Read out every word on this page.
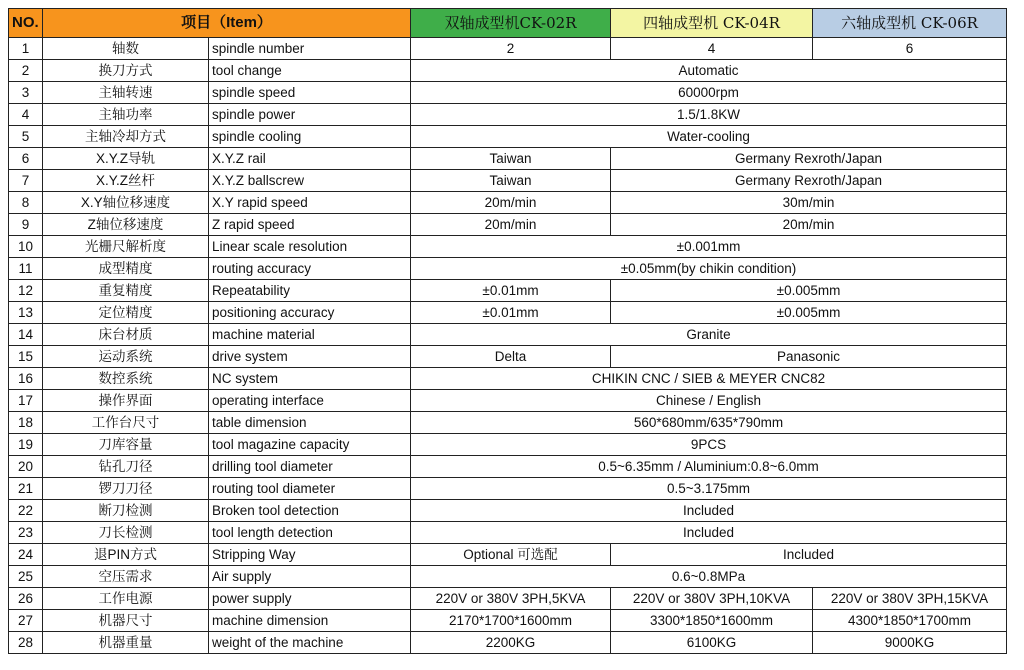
NO.	项目（Item）		双轴成型机CK-02R	四轴成型机 CK-04R	六轴成型机 CK-06R
1	轴数	spindle number	2	4	6
2	换刀方式	tool change	Automatic		
3	主轴转速	spindle speed	60000rpm		
4	主轴功率	spindle power	1.5/1.8KW		
5	主轴冷却方式	spindle cooling	Water-cooling		
6	X.Y.Z导轨	X.Y.Z rail	Taiwan	Germany Rexroth/Japan	
7	X.Y.Z丝杆	X.Y.Z ballscrew	Taiwan	Germany Rexroth/Japan	
8	X.Y轴位移速度	X.Y rapid speed	20m/min	30m/min	
9	Z轴位移速度	Z rapid speed	20m/min	20m/min	
10	光栅尺解析度	Linear scale resolution	±0.001mm		
11	成型精度	routing accuracy	±0.05mm(by chikin condition)		
12	重复精度	Repeatability	±0.01mm	±0.005mm	
13	定位精度	positioning accuracy	±0.01mm	±0.005mm	
14	床台材质	machine material	Granite		
15	运动系统	drive system	Delta	Panasonic	
16	数控系统	NC system	CHIKIN CNC / SIEB & MEYER CNC82		
17	操作界面	operating interface	Chinese / English		
18	工作台尺寸	table dimension	560*680mm/635*790mm		
19	刀库容量	tool magazine capacity	9PCS		
20	钻孔刀径	drilling tool diameter	0.5~6.35mm / Aluminium:0.8~6.0mm		
21	锣刀刀径	routing tool diameter	0.5~3.175mm		
22	断刀检测	Broken tool detection	Included		
23	刀长检测	tool length detection	Included		
24	退PIN方式	Stripping Way	Optional 可选配	Included	
25	空压需求	Air supply	0.6~0.8MPa		
26	工作电源	power supply	220V or 380V 3PH,5KVA	220V or 380V 3PH,10KVA	220V or 380V 3PH,15KVA
27	机器尺寸	machine dimension	2170*1700*1600mm	3300*1850*1600mm	4300*1850*1700mm
28	机器重量	weight of the machine	2200KG	6100KG	9000KG
